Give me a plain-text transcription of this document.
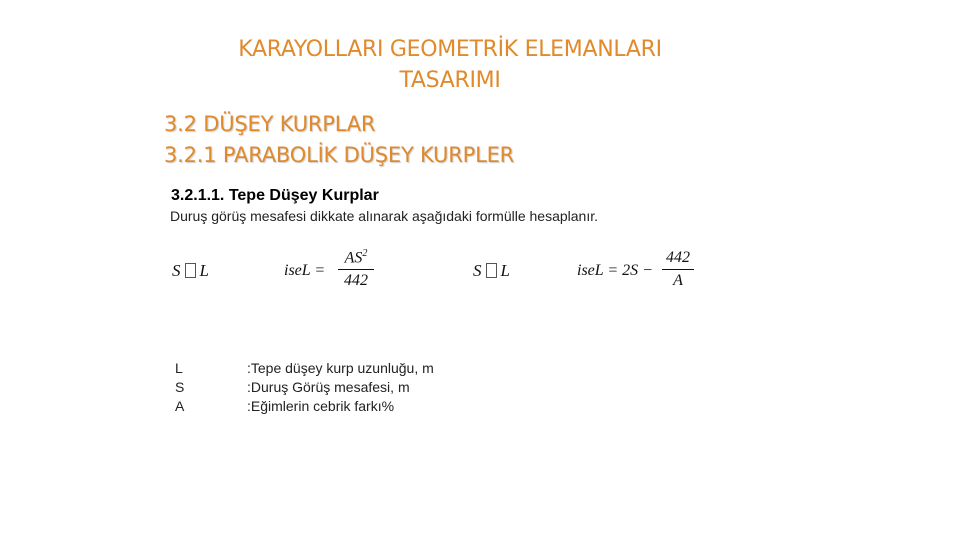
KARAYOLLARI GEOMETRİK ELEMANLARI
TASARIMI
3.2 DÜŞEY KURPLAR
3.2.1 PARABOLİK DÜŞEY KURPLER
3.2.1.1. Tepe Düşey Kurplar
Duruş görüş mesafesi dikkate alınarak aşağıdaki formülle hesaplanır.
S L	iseL =
$AS^2$
442
S L	iseL = 2S −
442
A
L	:Tepe düşey kurp uzunluğu, m
S	:Duruş Görüş mesafesi, m
A	:Eğimlerin cebrik farkı%
